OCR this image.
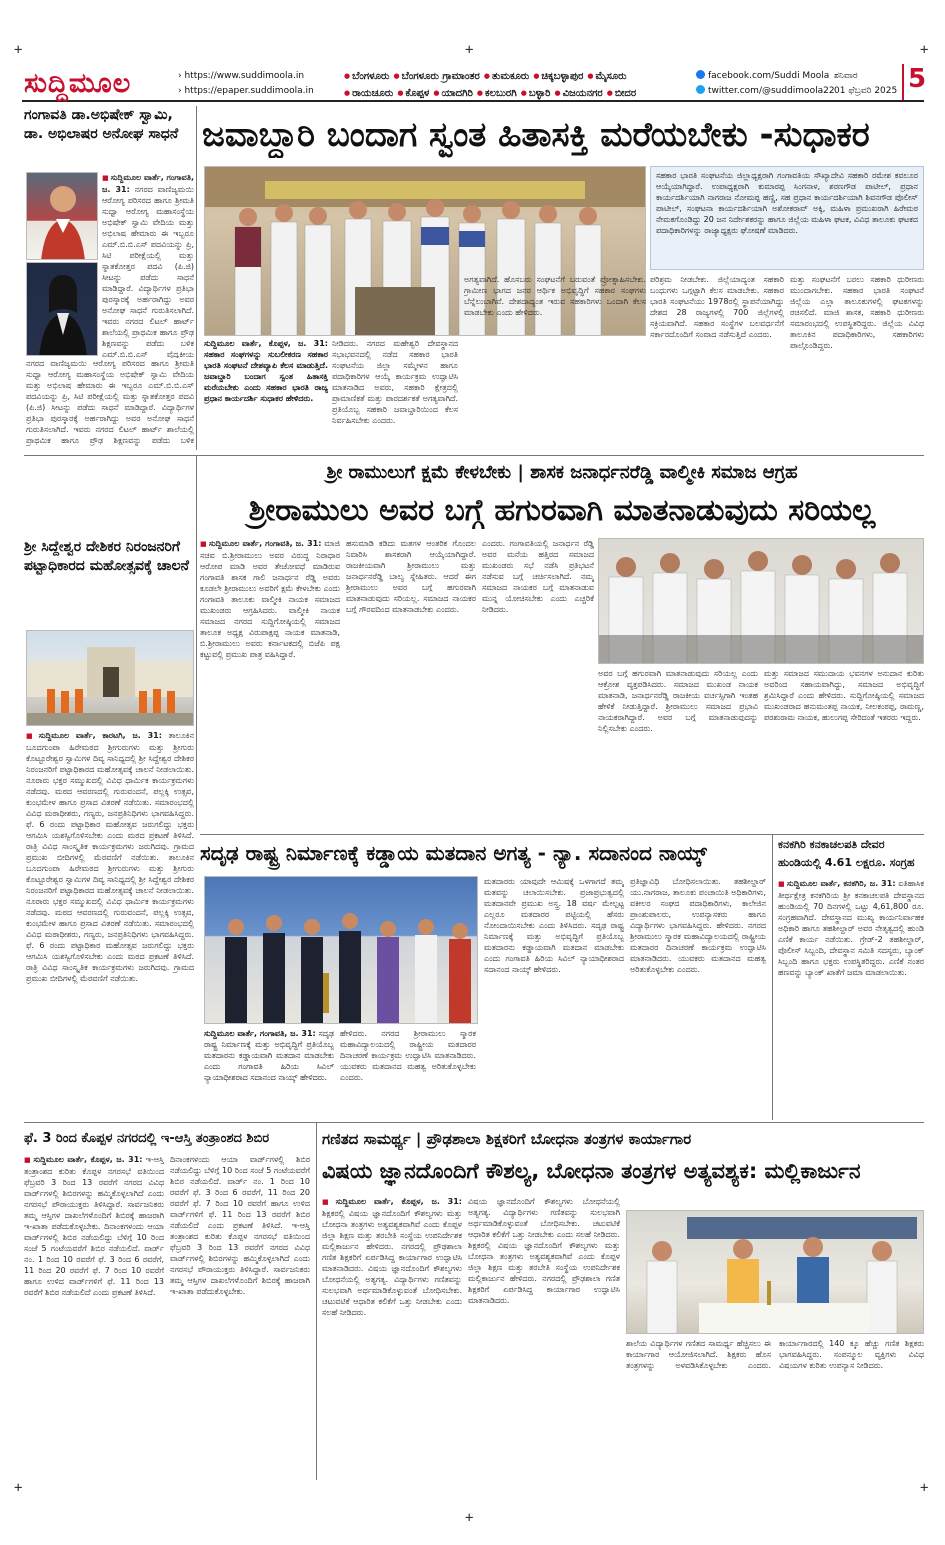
+	+	+
+
+
+
ಸುದ್ದಿಮೂಲ	› https://www.suddimoola.in
› https://epaper.suddimoola.in
● ಬೆಂಗಳೂರು ● ಬೆಂಗಳೂರು ಗ್ರಾಮಾಂತರ ● ತುಮಕೂರು ● ಚಿಕ್ಕಬಳ್ಳಾಪುರ ● ಮೈಸೂರು
● ರಾಯಚೂರು ● ಕೊಪ್ಪಳ ● ಯಾದಗಿರಿ ● ಕಲಬುರಗಿ ● ಬಳ್ಳಾರಿ ● ವಿಜಯನಗರ ● ಬೀದರ
facebook.com/Suddi Moola
twitter.com/@suddimoola22
ಶನಿವಾರ
01 ಫೆಬ್ರವರಿ 2025 5
ಗಂಗಾವತಿ ಡಾ.ಅಭಿಷೇಕ್ ಸ್ವಾಮಿ, ಡಾ. ಅಭಿಲಾಷರ ಅನೋಘ ಸಾಧನೆ
■ ಸುದ್ದಿಮೂಲ ವಾರ್ತೆ, ಗಂಗಾವತಿ, ಜ. 31: ನಗರದ ವಾಣಿಜ್ಯಮಯಿ ಆರೋಗ್ಯ ಪರಿಸರದ ಹಾಗೂ ಶ್ರೀಮತಿ ಸುಧ್ವಾ ಆರೋಗ್ಯ ಮಹಾಸಂಸ್ಥೆಯ ಅಭಿಷೇಕ್ ಸ್ವಾಮಿ ವೇದಿಯ ಮತ್ತು ಅಭಿಲಾಷ ಹೇಮಾರು ಈ ಇಬ್ಬರೂ ಎಮ್.ಬಿ.ಬಿ.ಎಸ್ ಪದವಿಯನ್ನು ಪ್ರಿ, ಸಿಟಿ ಪರೀಕ್ಷೆಯಲ್ಲಿ ಮತ್ತು ಸ್ನಾತಕೋತ್ತರ ಪದವಿ (ಪಿ.ಜಿ) ಸೀಟನ್ನು ಪಡೆದು ಸಾಧನೆ ಮಾಡಿದ್ದಾರೆ. ವಿದ್ಯಾರ್ಥಿಗಳ ಪ್ರತಿಭಾ ಪುರಸ್ಕಾರಕ್ಕೆ ಅರ್ಹರಾಗಿದ್ದು ಅವರ ಅನೋಘ ಸಾಧನೆ ಗುರುತಿಸಲಾಗಿದೆ. ಇವರು ನಗರದ ಲಿಟಲ್ ಹಾರ್ಟ್ ಶಾಲೆಯಲ್ಲಿ ಪ್ರಾಥಮಿಕ ಹಾಗೂ ಪ್ರೌಢ ಶಿಕ್ಷಣವನ್ನು ಪಡೆದು ಬಳಿಕ ಎಮ್.ಬಿ.ಬಿ.ಎಸ್ ವೈದ್ಯಕೀಯ
ನಗರದ ವಾಣಿಜ್ಯಮಯಿ ಆರೋಗ್ಯ ಪರಿಸರದ ಹಾಗೂ ಶ್ರೀಮತಿ ಸುಧ್ವಾ ಆರೋಗ್ಯ ಮಹಾಸಂಸ್ಥೆಯ ಅಭಿಷೇಕ್ ಸ್ವಾಮಿ ವೇದಿಯ ಮತ್ತು ಅಭಿಲಾಷ ಹೇಮಾರು ಈ ಇಬ್ಬರೂ ಎಮ್.ಬಿ.ಬಿ.ಎಸ್ ಪದವಿಯನ್ನು ಪ್ರಿ, ಸಿಟಿ ಪರೀಕ್ಷೆಯಲ್ಲಿ ಮತ್ತು ಸ್ನಾತಕೋತ್ತರ ಪದವಿ (ಪಿ.ಜಿ) ಸೀಟನ್ನು ಪಡೆದು ಸಾಧನೆ ಮಾಡಿದ್ದಾರೆ. ವಿದ್ಯಾರ್ಥಿಗಳ ಪ್ರತಿಭಾ ಪುರಸ್ಕಾರಕ್ಕೆ ಅರ್ಹರಾಗಿದ್ದು ಅವರ ಅನೋಘ ಸಾಧನೆ ಗುರುತಿಸಲಾಗಿದೆ. ಇವರು ನಗರದ ಲಿಟಲ್ ಹಾರ್ಟ್ ಶಾಲೆಯಲ್ಲಿ ಪ್ರಾಥಮಿಕ ಹಾಗೂ ಪ್ರೌಢ ಶಿಕ್ಷಣವನ್ನು ಪಡೆದು ಬಳಿಕ
ಜವಾಬ್ದಾರಿ ಬಂದಾಗ ಸ್ವಂತ ಹಿತಾಸಕ್ತಿ ಮರೆಯಬೇಕು -ಸುಧಾಕರ
ಸಹಕಾರ ಭಾರತಿ ಸಂಘಟನೆಯ ಜಿಲ್ಲಾಧ್ಯಕ್ಷರಾಗಿ ಗಂಗಾವತಿಯ ಸೌಖ್ಯಾದೇವಿ ಸಹಕಾರಿ ರಮೇಶ ಕವಲೂರ ಆಯ್ಕೆಯಾಗಿದ್ದಾರೆ. ಉಪಾಧ್ಯಕ್ಷರಾಗಿ ಕುಮಾರಪ್ಪ ಸಿಂಗನಾಳ, ಶರಣಗೌಡ ಪಾಟೀಲ್, ಪ್ರಧಾನ ಕಾರ್ಯದರ್ಶಿಯಾಗಿ ನಾಗರಾಜ ನೋಮಪ್ಪ ಹಣ್ಣಿ, ಸಹ ಪ್ರಧಾನ ಕಾರ್ಯದರ್ಶಿಯಾಗಿ ಶಿವನಗೌಡ ಪೊಲೀಸ್ ಪಾಟೀಲ್, ಸಂಘಟನಾ ಕಾರ್ಯದರ್ಶಿಯಾಗಿ ಅಶೋಕರಾವ್ ಅಕ್ಕಿ, ಮಹಿಳಾ ಪ್ರಮುಖರಾಗಿ ಹಿರೇಮಠ ನೇಮಕಗೊಂಡಿದ್ದು 20 ಜನ ನಿರ್ದೇಶಕರನ್ನು ಹಾಗೂ ಜಿಲ್ಲೆಯ ಮಹಿಳಾ ಘಟಕ, ವಿವಿಧ ತಾಲೂಕು ಘಟಕದ ಪದಾಧಿಕಾರಿಗಳನ್ನು ರಾಜ್ಯಾಧ್ಯಕ್ಷರು ಘೋಷಣೆ ಮಾಡಿದರು.
ಸುದ್ದಿಮೂಲ ವಾರ್ತೆ, ಕೊಪ್ಪಳ, ಜ. 31: ಸಹಕಾರ ಸಂಘಗಳನ್ನು ಸುಬಲೀಕರಣ ಸಹಕಾರ ಭಾರತಿ ಸಂಘಟನೆ ದೇಶವ್ಯಾಪಿ ಕೆಲಸ ಮಾಡುತ್ತಿದೆ. ಜವಾಬ್ದಾರಿ ಬಂದಾಗ ಸ್ವಂತ ಹಿತಾಸಕ್ತಿ ಮರೆಯಬೇಕು ಎಂದು ಸಹಕಾರ ಭಾರತಿ ರಾಜ್ಯ ಪ್ರಧಾನ ಕಾರ್ಯದರ್ಶಿ ಸುಧಾಕರ ಹೇಳಿದರು.
ನೀಡಿದರು. ನಗರದ ಮಹೇಶ್ವರಿ ದೇವಸ್ಥಾನದ ಸಭಾಭವನದಲ್ಲಿ ನಡೆದ ಸಹಕಾರ ಭಾರತಿ ಸಂಘಟನೆಯ ಜಿಲ್ಲಾ ಸಮ್ಮೇಳನ ಹಾಗೂ ಪದಾಧಿಕಾರಿಗಳ ಆಯ್ಕೆ ಕಾರ್ಯಕ್ರಮ ಉದ್ಘಾಟಿಸಿ ಮಾತನಾಡಿದ ಅವರು, ಸಹಕಾರಿ ಕ್ಷೇತ್ರದಲ್ಲಿ ಪ್ರಾಮಾಣಿಕತೆ ಮತ್ತು ಪಾರದರ್ಶಕತೆ ಅಗತ್ಯವಾಗಿದೆ. ಪ್ರತಿಯೊಬ್ಬ ಸಹಕಾರಿ ಜವಾಬ್ದಾರಿಯಿಂದ ಕೆಲಸ ನಿರ್ವಹಿಸಬೇಕು ಎಂದರು.
ಅಗತ್ಯವಾಗಿದೆ. ಹೊಸಬರು ಸಂಘಟನೆಗೆ ಬರುವಂತೆ ಪ್ರೋತ್ಸಾಹಿಸಬೇಕು. ಗ್ರಾಮೀಣ ಭಾಗದ ಜನರ ಆರ್ಥಿಕ ಅಭಿವೃದ್ಧಿಗೆ ಸಹಕಾರ ಸಂಘಗಳು ಬೆನ್ನೆಲುಬಾಗಿವೆ. ದೇಶದಾದ್ಯಂತ ಇರುವ ಸಹಕಾರಿಗಳು ಒಂದಾಗಿ ಕೆಲಸ ಮಾಡಬೇಕು ಎಂದು ಹೇಳಿದರು.
ಪರಿಶ್ರಮ ನೀಡಬೇಕು. ಜಿಲ್ಲೆಯಾದ್ಯಂತ ಸಹಕಾರಿ ಬಂಧುಗಳು ಒಗ್ಗಟ್ಟಾಗಿ ಕೆಲಸ ಮಾಡಬೇಕು. ಸಹಕಾರ ಭಾರತಿ ಸಂಘಟನೆಯು 1978ರಲ್ಲಿ ಸ್ಥಾಪನೆಯಾಗಿದ್ದು ದೇಶದ 28 ರಾಜ್ಯಗಳಲ್ಲಿ 700 ಜಿಲ್ಲೆಗಳಲ್ಲಿ ಸಕ್ರಿಯವಾಗಿದೆ. ಸಹಕಾರ ಸಂಸ್ಥೆಗಳ ಬಲವರ್ಧನೆಗೆ ಸರ್ಕಾರದೊಂದಿಗೆ ಸಂವಾದ ನಡೆಸುತ್ತಿದೆ ಎಂದರು.
ಮತ್ತು ಸಂಘಟನೆಗೆ ಬರಲು ಸಹಕಾರಿ ಧುರೀಣರು ಮುಂದಾಗಬೇಕು. ಸಹಕಾರ ಭಾರತಿ ಸಂಘಟನೆ ಜಿಲ್ಲೆಯ ಎಲ್ಲಾ ತಾಲೂಕುಗಳಲ್ಲಿ ಘಟಕಗಳನ್ನು ರಚಿಸಲಿದೆ. ಮಾಜಿ ಶಾಸಕ, ಸಹಕಾರಿ ಧುರೀಣರು ಸಮಾರಂಭದಲ್ಲಿ ಉಪಸ್ಥಿತರಿದ್ದರು. ಜಿಲ್ಲೆಯ ವಿವಿಧ ತಾಲೂಕಿನ ಪದಾಧಿಕಾರಿಗಳು, ಸಹಕಾರಿಗಳು ಪಾಲ್ಗೊಂಡಿದ್ದರು.
ಶ್ರೀ ರಾಮುಲುಗೆ ಕ್ಷಮೆ ಕೇಳಬೇಕು | ಶಾಸಕ ಜನಾರ್ಧನರೆಡ್ಡಿ ವಾಲ್ಮೀಕಿ ಸಮಾಜ ಆಗ್ರಹ
ಶ್ರೀರಾಮುಲು ಅವರ ಬಗ್ಗೆ ಹಗುರವಾಗಿ ಮಾತನಾಡುವುದು ಸರಿಯಲ್ಲ
■ ಸುದ್ದಿಮೂಲ ವಾರ್ತೆ, ಗಂಗಾವತಿ, ಜ. 31: ಮಾಜಿ ಸಚಿವ ಬಿ.ಶ್ರೀರಾಮುಲು ಅವರ ವಿರುದ್ಧ ನಿರಾಧಾರ ಆರೋಪ ಮಾಡಿ ಅವರ ತೇಜೋವಧೆ ಮಾಡಿರುವ ಗಂಗಾವತಿ ಶಾಸಕ ಗಾಲಿ ಜನಾರ್ಧನ ರೆಡ್ಡಿ ಅವರು ಕೂಡಲೇ ಶ್ರೀರಾಮುಲು ಅವರಿಗೆ ಕ್ಷಮೆ ಕೇಳಬೇಕು ಎಂದು ಗಂಗಾವತಿ ತಾಲೂಕು ವಾಲ್ಮೀಕಿ ನಾಯಕ ಸಮಾಜದ ಮುಖಂಡರು ಆಗ್ರಹಿಸಿದರು. ವಾಲ್ಮೀಕಿ ನಾಯಕ ಸಮಾಜದ ನಗರದ ಸುದ್ದಿಗೋಷ್ಠಿಯಲ್ಲಿ ಸಮಾಜದ ತಾಲೂಕ ಅಧ್ಯಕ್ಷ ವಿರುಪಾಕ್ಷಪ್ಪ ನಾಯಕ ಮಾತನಾಡಿ, ಬಿ.ಶ್ರೀರಾಮುಲು ಅವರು ಕರ್ನಾಟಕದಲ್ಲಿ ಬಿಜೆಪಿ ಪಕ್ಷ ಕಟ್ಟುವಲ್ಲಿ ಪ್ರಮುಖ ಪಾತ್ರ ವಹಿಸಿದ್ದಾರೆ.
ಹಸುಮಾಡಿ ಕಡಿದು ಮತಗಳ ಆಂತರಿಕ ಗೊಂದಲ ನಿವಾರಿಸಿ ಶಾಸಕರಾಗಿ ಆಯ್ಕೆಯಾಗಿದ್ದಾರೆ. ರಾಜಕೀಯವಾಗಿ ಶ್ರೀರಾಮುಲು ಮತ್ತು ಜನಾರ್ಧನರೆಡ್ಡಿ ಬಾಲ್ಯ ಸ್ನೇಹಿತರು. ಆದರೆ ಈಗ ಶ್ರೀರಾಮುಲು ಅವರ ಬಗ್ಗೆ ಹಗುರವಾಗಿ ಮಾತನಾಡುವುದು ಸರಿಯಲ್ಲ. ಸಮಾಜದ ನಾಯಕರ ಬಗ್ಗೆ ಗೌರವದಿಂದ ಮಾತನಾಡಬೇಕು ಎಂದರು.
ಎಂದರು. ಗಂಗಾವತಿಯಲ್ಲಿ ಜನಾರ್ಧನ ರೆಡ್ಡಿ ಅವರ ಮನೆಯ ಹತ್ತಿರದ ಸಮಾಜದ ಮುಖಂಡರು ಸಭೆ ನಡೆಸಿ ಪ್ರತಿಭಟನೆ ನಡೆಸುವ ಬಗ್ಗೆ ಚರ್ಚಿಸಲಾಗಿದೆ. ನಮ್ಮ ಸಮಾಜದ ನಾಯಕರ ಬಗ್ಗೆ ಮಾತನಾಡುವ ಮುನ್ನ ಯೋಚಿಸಬೇಕು ಎಂದು ಎಚ್ಚರಿಕೆ ನೀಡಿದರು.
ಅವರ ಬಗ್ಗೆ ಹಗುರವಾಗಿ ಮಾತನಾಡುವುದು ಸರಿಯಲ್ಲ ಎಂದು ಆಕ್ರೋಶ ವ್ಯಕ್ತಪಡಿಸಿದರು. ಸಮಾಜದ ಮುಖಂಡ ನಾಯಕ ಮಾತನಾಡಿ, ಜನಾರ್ಧನರೆಡ್ಡಿ ರಾಜಕೀಯ ವರ್ಚಸ್ಸಿಗಾಗಿ ಇಂತಹ ಹೇಳಿಕೆ ನೀಡುತ್ತಿದ್ದಾರೆ. ಶ್ರೀರಾಮುಲು ಸಮಾಜದ ಪ್ರಭಾವಿ ನಾಯಕರಾಗಿದ್ದಾರೆ. ಅವರ ಬಗ್ಗೆ ಮಾತನಾಡುವುದನ್ನು ನಿಲ್ಲಿಸಬೇಕು ಎಂದರು.
ಮತ್ತು ಸಮಾಜದ ಸಮುದಾಯ ಭವನಗಳ ಅನುದಾನ ಕುರಿತು ಅವರಿಂದ ಸಹಾಯವಾಗಿದ್ದು, ಸಮಾಜದ ಅಭಿವೃದ್ಧಿಗೆ ಶ್ರಮಿಸಿದ್ದಾರೆ ಎಂದು ಹೇಳಿದರು. ಸುದ್ದಿಗೋಷ್ಠಿಯಲ್ಲಿ ಸಮಾಜದ ಮುಖಂಡರಾದ ಹನುಮಂತಪ್ಪ ನಾಯಕ, ನೀಲಕಂಠಪ್ಪ, ರಾಮಣ್ಣ, ಪರಶುರಾಮ ನಾಯಕ, ಹುಲುಗಪ್ಪ ಸೇರಿದಂತೆ ಇತರರು ಇದ್ದರು.
ಶ್ರೀ ಸಿದ್ದೇಶ್ವರ ದೇಶಿಕರ ನಿರಂಜನರಿಗೆ ಪಟ್ಟಾಧಿಕಾರದ ಮಹೋತ್ಸವಕ್ಕೆ ಚಾಲನೆ
■ ಸುದ್ದಿಮೂಲ ವಾರ್ತೆ, ಕಾರಟಗಿ, ಜ. 31: ತಾಲೂಕಿನ ಬೂದಗುಂಪಾ ಹಿರೇಮಠದ ಶ್ರೀಗುರುಗಳು ಮತ್ತು ಶ್ರೀಗುರು ಕೊಟ್ಟೂರೇಶ್ವರ ಸ್ವಾಮಿಗಳ ದಿವ್ಯ ಸಾನಿಧ್ಯದಲ್ಲಿ ಶ್ರೀ ಸಿದ್ದೇಶ್ವರ ದೇಶಿಕರ ನಿರಂಜನರಿಗೆ ಪಟ್ಟಾಧಿಕಾರದ ಮಹೋತ್ಸವಕ್ಕೆ ಚಾಲನೆ ನೀಡಲಾಯಿತು. ನೂರಾರು ಭಕ್ತರ ಸಮ್ಮುಖದಲ್ಲಿ ವಿವಿಧ ಧಾರ್ಮಿಕ ಕಾರ್ಯಕ್ರಮಗಳು ನಡೆದವು. ಮಠದ ಆವರಣದಲ್ಲಿ ಗುರುವಂದನೆ, ಪಲ್ಲಕ್ಕಿ ಉತ್ಸವ, ಕುಂಭಮೇಳ ಹಾಗೂ ಪ್ರಸಾದ ವಿತರಣೆ ನಡೆಯಿತು. ಸಮಾರಂಭದಲ್ಲಿ ವಿವಿಧ ಮಠಾಧೀಶರು, ಗಣ್ಯರು, ಜನಪ್ರತಿನಿಧಿಗಳು ಭಾಗವಹಿಸಿದ್ದರು. ಫೆ. 6 ರಂದು ಪಟ್ಟಾಧಿಕಾರ ಮಹೋತ್ಸವ ಜರುಗಲಿದ್ದು ಭಕ್ತರು ಆಗಮಿಸಿ ಯಶಸ್ವಿಗೊಳಿಸಬೇಕು ಎಂದು ಮಠದ ಪ್ರಕಟಣೆ ತಿಳಿಸಿದೆ. ರಾತ್ರಿ ವಿವಿಧ ಸಾಂಸ್ಕೃತಿಕ ಕಾರ್ಯಕ್ರಮಗಳು ಜರುಗಿದವು. ಗ್ರಾಮದ ಪ್ರಮುಖ ಬೀದಿಗಳಲ್ಲಿ ಮೆರವಣಿಗೆ ನಡೆಯಿತು. ತಾಲೂಕಿನ ಬೂದಗುಂಪಾ ಹಿರೇಮಠದ ಶ್ರೀಗುರುಗಳು ಮತ್ತು ಶ್ರೀಗುರು ಕೊಟ್ಟೂರೇಶ್ವರ ಸ್ವಾಮಿಗಳ ದಿವ್ಯ ಸಾನಿಧ್ಯದಲ್ಲಿ ಶ್ರೀ ಸಿದ್ದೇಶ್ವರ ದೇಶಿಕರ ನಿರಂಜನರಿಗೆ ಪಟ್ಟಾಧಿಕಾರದ ಮಹೋತ್ಸವಕ್ಕೆ ಚಾಲನೆ ನೀಡಲಾಯಿತು. ನೂರಾರು ಭಕ್ತರ ಸಮ್ಮುಖದಲ್ಲಿ ವಿವಿಧ ಧಾರ್ಮಿಕ ಕಾರ್ಯಕ್ರಮಗಳು ನಡೆದವು. ಮಠದ ಆವರಣದಲ್ಲಿ ಗುರುವಂದನೆ, ಪಲ್ಲಕ್ಕಿ ಉತ್ಸವ, ಕುಂಭಮೇಳ ಹಾಗೂ ಪ್ರಸಾದ ವಿತರಣೆ ನಡೆಯಿತು. ಸಮಾರಂಭದಲ್ಲಿ ವಿವಿಧ ಮಠಾಧೀಶರು, ಗಣ್ಯರು, ಜನಪ್ರತಿನಿಧಿಗಳು ಭಾಗವಹಿಸಿದ್ದರು. ಫೆ. 6 ರಂದು ಪಟ್ಟಾಧಿಕಾರ ಮಹೋತ್ಸವ ಜರುಗಲಿದ್ದು ಭಕ್ತರು ಆಗಮಿಸಿ ಯಶಸ್ವಿಗೊಳಿಸಬೇಕು ಎಂದು ಮಠದ ಪ್ರಕಟಣೆ ತಿಳಿಸಿದೆ. ರಾತ್ರಿ ವಿವಿಧ ಸಾಂಸ್ಕೃತಿಕ ಕಾರ್ಯಕ್ರಮಗಳು ಜರುಗಿದವು. ಗ್ರಾಮದ ಪ್ರಮುಖ ಬೀದಿಗಳಲ್ಲಿ ಮೆರವಣಿಗೆ ನಡೆಯಿತು.
ಸದೃಢ ರಾಷ್ಟ್ರ ನಿರ್ಮಾಣಕ್ಕೆ ಕಡ್ಡಾಯ ಮತದಾನ ಅಗತ್ಯ - ನ್ಯಾ. ಸದಾನಂದ ನಾಯ್ಕ್
ಸುದ್ದಿಮೂಲ ವಾರ್ತೆ, ಗಂಗಾವತಿ, ಜ. 31: ಸದೃಢ ರಾಷ್ಟ್ರ ನಿರ್ಮಾಣಕ್ಕೆ ಮತ್ತು ಅಭಿವೃದ್ಧಿಗೆ ಪ್ರತಿಯೊಬ್ಬ ಮತದಾರನು ಕಡ್ಡಾಯವಾಗಿ ಮತದಾನ ಮಾಡಬೇಕು ಎಂದು ಗಂಗಾವತಿ ಹಿರಿಯ ಸಿವಿಲ್ ನ್ಯಾಯಾಧೀಶರಾದ ಸದಾನಂದ ನಾಯ್ಕ್ ಹೇಳಿದರು.
ಹೇಳಿದರು. ನಗರದ ಶ್ರೀರಾಮುಲು ಸ್ಮಾರಕ ಮಹಾವಿದ್ಯಾಲಯದಲ್ಲಿ ರಾಷ್ಟ್ರೀಯ ಮತದಾರರ ದಿನಾಚರಣೆ ಕಾರ್ಯಕ್ರಮ ಉದ್ಘಾಟಿಸಿ ಮಾತನಾಡಿದರು. ಯುವಕರು ಮತದಾನದ ಮಹತ್ವ ಅರಿತುಕೊಳ್ಳಬೇಕು ಎಂದರು.
ಮತದಾರರು ಯಾವುದೇ ಆಮಿಷಕ್ಕೆ ಒಳಗಾಗದೆ ತಮ್ಮ ಮತವನ್ನು ಚಲಾಯಿಸಬೇಕು. ಪ್ರಜಾಪ್ರಭುತ್ವದಲ್ಲಿ ಮತದಾನವೇ ಪ್ರಮುಖ ಅಸ್ತ್ರ. 18 ವರ್ಷ ಮೇಲ್ಪಟ್ಟ ಎಲ್ಲರೂ ಮತದಾರರ ಪಟ್ಟಿಯಲ್ಲಿ ಹೆಸರು ನೋಂದಾಯಿಸಬೇಕು ಎಂದು ತಿಳಿಸಿದರು. ಸದೃಢ ರಾಷ್ಟ್ರ ನಿರ್ಮಾಣಕ್ಕೆ ಮತ್ತು ಅಭಿವೃದ್ಧಿಗೆ ಪ್ರತಿಯೊಬ್ಬ ಮತದಾರನು ಕಡ್ಡಾಯವಾಗಿ ಮತದಾನ ಮಾಡಬೇಕು ಎಂದು ಗಂಗಾವತಿ ಹಿರಿಯ ಸಿವಿಲ್ ನ್ಯಾಯಾಧೀಶರಾದ ಸದಾನಂದ ನಾಯ್ಕ್ ಹೇಳಿದರು.
ಪ್ರತಿಜ್ಞಾವಿಧಿ ಬೋಧಿಸಲಾಯಿತು. ತಹಶೀಲ್ದಾರ್ ಯು.ನಾಗರಾಜ, ತಾಲೂಕು ಪಂಚಾಯಿತಿ ಅಧಿಕಾರಿಗಳು, ವಕೀಲರ ಸಂಘದ ಪದಾಧಿಕಾರಿಗಳು, ಕಾಲೇಜಿನ ಪ್ರಾಂಶುಪಾಲರು, ಉಪನ್ಯಾಸಕರು ಹಾಗೂ ವಿದ್ಯಾರ್ಥಿಗಳು ಭಾಗವಹಿಸಿದ್ದರು. ಹೇಳಿದರು. ನಗರದ ಶ್ರೀರಾಮುಲು ಸ್ಮಾರಕ ಮಹಾವಿದ್ಯಾಲಯದಲ್ಲಿ ರಾಷ್ಟ್ರೀಯ ಮತದಾರರ ದಿನಾಚರಣೆ ಕಾರ್ಯಕ್ರಮ ಉದ್ಘಾಟಿಸಿ ಮಾತನಾಡಿದರು. ಯುವಕರು ಮತದಾನದ ಮಹತ್ವ ಅರಿತುಕೊಳ್ಳಬೇಕು ಎಂದರು.
ಕನಕಗಿರಿ ಕನಕಾಚಲಪತಿ ದೇವರ ಹುಂಡಿಯಲ್ಲಿ 4.61 ಲಕ್ಷರೂ. ಸಂಗ್ರಹ
■ ಸುದ್ದಿಮೂಲ ವಾರ್ತೆ, ಕನಕಗಿರಿ, ಜ. 31: ಐತಿಹಾಸಿಕ ತೀರ್ಥಕ್ಷೇತ್ರ ಕನಕಗಿರಿಯ ಶ್ರೀ ಕನಕಾಚಲಪತಿ ದೇವಸ್ಥಾನದ ಹುಂಡಿಯಲ್ಲಿ 70 ದಿನಗಳಲ್ಲಿ ಒಟ್ಟು 4,61,800 ರೂ. ಸಂಗ್ರಹವಾಗಿದೆ. ದೇವಸ್ಥಾನದ ಮುಖ್ಯ ಕಾರ್ಯನಿರ್ವಾಹಕ ಅಧಿಕಾರಿ ಹಾಗೂ ತಹಶೀಲ್ದಾರ್ ಅವರ ನೇತೃತ್ವದಲ್ಲಿ ಹುಂಡಿ ಎಣಿಕೆ ಕಾರ್ಯ ನಡೆಯಿತು. ಗ್ರೇಡ್-2 ತಹಶೀಲ್ದಾರ್, ಪೊಲೀಸ್ ಸಿಬ್ಬಂದಿ, ದೇವಸ್ಥಾನ ಸಮಿತಿ ಸದಸ್ಯರು, ಬ್ಯಾಂಕ್ ಸಿಬ್ಬಂದಿ ಹಾಗೂ ಭಕ್ತರು ಉಪಸ್ಥಿತರಿದ್ದರು. ಎಣಿಕೆ ನಂತರ ಹಣವನ್ನು ಬ್ಯಾಂಕ್ ಖಾತೆಗೆ ಜಮಾ ಮಾಡಲಾಯಿತು.
ಫೆ. 3 ರಿಂದ ಕೊಪ್ಪಳ ನಗರದಲ್ಲಿ ಇ-ಆಸ್ತಿ ತಂತ್ರಾಂಶದ ಶಿಬಿರ
■ ಸುದ್ದಿಮೂಲ ವಾರ್ತೆ, ಕೊಪ್ಪಳ, ಜ. 31: ಇ-ಆಸ್ತಿ ತಂತ್ರಾಂಶದ ಕುರಿತು ಕೊಪ್ಪಳ ನಗರಸಭೆ ವತಿಯಿಂದ ಫೆಬ್ರವರಿ 3 ರಿಂದ 13 ರವರೆಗೆ ನಗರದ ವಿವಿಧ ವಾರ್ಡ್‌ಗಳಲ್ಲಿ ಶಿಬಿರಗಳನ್ನು ಹಮ್ಮಿಕೊಳ್ಳಲಾಗಿದೆ ಎಂದು ನಗರಸಭೆ ಪೌರಾಯುಕ್ತರು ತಿಳಿಸಿದ್ದಾರೆ. ಸಾರ್ವಜನಿಕರು ತಮ್ಮ ಆಸ್ತಿಗಳ ದಾಖಲೆಗಳೊಂದಿಗೆ ಶಿಬಿರಕ್ಕೆ ಹಾಜರಾಗಿ ಇ-ಖಾತಾ ಪಡೆದುಕೊಳ್ಳಬೇಕು. ದಿನಾಂಕಗಳಂದು ಆಯಾ ವಾರ್ಡ್‌ಗಳಲ್ಲಿ ಶಿಬಿರ ನಡೆಯಲಿದ್ದು ಬೆಳಿಗ್ಗೆ 10 ರಿಂದ ಸಂಜೆ 5 ಗಂಟೆಯವರೆಗೆ ಶಿಬಿರ ನಡೆಯಲಿದೆ. ವಾರ್ಡ್ ನಂ. 1 ರಿಂದ 10 ರವರೆಗೆ ಫೆ. 3 ರಿಂದ 6 ರವರೆಗೆ, 11 ರಿಂದ 20 ರವರೆಗೆ ಫೆ. 7 ರಿಂದ 10 ರವರೆಗೆ ಹಾಗೂ ಉಳಿದ ವಾರ್ಡ್‌ಗಳಿಗೆ ಫೆ. 11 ರಿಂದ 13 ರವರೆಗೆ ಶಿಬಿರ ನಡೆಯಲಿದೆ ಎಂದು ಪ್ರಕಟಣೆ ತಿಳಿಸಿದೆ.
ದಿನಾಂಕಗಳಂದು ಆಯಾ ವಾರ್ಡ್‌ಗಳಲ್ಲಿ ಶಿಬಿರ ನಡೆಯಲಿದ್ದು ಬೆಳಿಗ್ಗೆ 10 ರಿಂದ ಸಂಜೆ 5 ಗಂಟೆಯವರೆಗೆ ಶಿಬಿರ ನಡೆಯಲಿದೆ. ವಾರ್ಡ್ ನಂ. 1 ರಿಂದ 10 ರವರೆಗೆ ಫೆ. 3 ರಿಂದ 6 ರವರೆಗೆ, 11 ರಿಂದ 20 ರವರೆಗೆ ಫೆ. 7 ರಿಂದ 10 ರವರೆಗೆ ಹಾಗೂ ಉಳಿದ ವಾರ್ಡ್‌ಗಳಿಗೆ ಫೆ. 11 ರಿಂದ 13 ರವರೆಗೆ ಶಿಬಿರ ನಡೆಯಲಿದೆ ಎಂದು ಪ್ರಕಟಣೆ ತಿಳಿಸಿದೆ. ಇ-ಆಸ್ತಿ ತಂತ್ರಾಂಶದ ಕುರಿತು ಕೊಪ್ಪಳ ನಗರಸಭೆ ವತಿಯಿಂದ ಫೆಬ್ರವರಿ 3 ರಿಂದ 13 ರವರೆಗೆ ನಗರದ ವಿವಿಧ ವಾರ್ಡ್‌ಗಳಲ್ಲಿ ಶಿಬಿರಗಳನ್ನು ಹಮ್ಮಿಕೊಳ್ಳಲಾಗಿದೆ ಎಂದು ನಗರಸಭೆ ಪೌರಾಯುಕ್ತರು ತಿಳಿಸಿದ್ದಾರೆ. ಸಾರ್ವಜನಿಕರು ತಮ್ಮ ಆಸ್ತಿಗಳ ದಾಖಲೆಗಳೊಂದಿಗೆ ಶಿಬಿರಕ್ಕೆ ಹಾಜರಾಗಿ ಇ-ಖಾತಾ ಪಡೆದುಕೊಳ್ಳಬೇಕು.
ಗಣಿತದ ಸಾಮರ್ಥ್ಯ | ಪ್ರೌಢಶಾಲಾ ಶಿಕ್ಷಕರಿಗೆ ಬೋಧನಾ ತಂತ್ರಗಳ ಕಾರ್ಯಾಗಾರ
ವಿಷಯ ಜ್ಞಾನದೊಂದಿಗೆ ಕೌಶಲ್ಯ, ಬೋಧನಾ ತಂತ್ರಗಳ ಅತ್ಯವಶ್ಯಕ: ಮಲ್ಲಿಕಾರ್ಜುನ
■ ಸುದ್ದಿಮೂಲ ವಾರ್ತೆ, ಕೊಪ್ಪಳ, ಜ. 31: ಶಿಕ್ಷಕರಲ್ಲಿ ವಿಷಯ ಜ್ಞಾನದೊಂದಿಗೆ ಕೌಶಲ್ಯಗಳು ಮತ್ತು ಬೋಧನಾ ತಂತ್ರಗಳು ಅತ್ಯವಶ್ಯಕವಾಗಿವೆ ಎಂದು ಕೊಪ್ಪಳ ಜಿಲ್ಲಾ ಶಿಕ್ಷಣ ಮತ್ತು ತರಬೇತಿ ಸಂಸ್ಥೆಯ ಉಪನಿರ್ದೇಶಕ ಮಲ್ಲಿಕಾರ್ಜುನ ಹೇಳಿದರು. ನಗರದಲ್ಲಿ ಪ್ರೌಢಶಾಲಾ ಗಣಿತ ಶಿಕ್ಷಕರಿಗೆ ಏರ್ಪಡಿಸಿದ್ದ ಕಾರ್ಯಾಗಾರ ಉದ್ಘಾಟಿಸಿ ಮಾತನಾಡಿದರು. ವಿಷಯ ಜ್ಞಾನದೊಂದಿಗೆ ಕೌಶಲ್ಯಗಳು ಬೋಧನೆಯಲ್ಲಿ ಅತ್ಯಗತ್ಯ. ವಿದ್ಯಾರ್ಥಿಗಳು ಗಣಿತವನ್ನು ಸುಲಭವಾಗಿ ಅರ್ಥಮಾಡಿಕೊಳ್ಳುವಂತೆ ಬೋಧಿಸಬೇಕು. ಚಟುವಟಿಕೆ ಆಧಾರಿತ ಕಲಿಕೆಗೆ ಒತ್ತು ನೀಡಬೇಕು ಎಂದು ಸಲಹೆ ನೀಡಿದರು.
ವಿಷಯ ಜ್ಞಾನದೊಂದಿಗೆ ಕೌಶಲ್ಯಗಳು ಬೋಧನೆಯಲ್ಲಿ ಅತ್ಯಗತ್ಯ. ವಿದ್ಯಾರ್ಥಿಗಳು ಗಣಿತವನ್ನು ಸುಲಭವಾಗಿ ಅರ್ಥಮಾಡಿಕೊಳ್ಳುವಂತೆ ಬೋಧಿಸಬೇಕು. ಚಟುವಟಿಕೆ ಆಧಾರಿತ ಕಲಿಕೆಗೆ ಒತ್ತು ನೀಡಬೇಕು ಎಂದು ಸಲಹೆ ನೀಡಿದರು. ಶಿಕ್ಷಕರಲ್ಲಿ ವಿಷಯ ಜ್ಞಾನದೊಂದಿಗೆ ಕೌಶಲ್ಯಗಳು ಮತ್ತು ಬೋಧನಾ ತಂತ್ರಗಳು ಅತ್ಯವಶ್ಯಕವಾಗಿವೆ ಎಂದು ಕೊಪ್ಪಳ ಜಿಲ್ಲಾ ಶಿಕ್ಷಣ ಮತ್ತು ತರಬೇತಿ ಸಂಸ್ಥೆಯ ಉಪನಿರ್ದೇಶಕ ಮಲ್ಲಿಕಾರ್ಜುನ ಹೇಳಿದರು. ನಗರದಲ್ಲಿ ಪ್ರೌಢಶಾಲಾ ಗಣಿತ ಶಿಕ್ಷಕರಿಗೆ ಏರ್ಪಡಿಸಿದ್ದ ಕಾರ್ಯಾಗಾರ ಉದ್ಘಾಟಿಸಿ ಮಾತನಾಡಿದರು.
ಶಾಲೆಯ ವಿದ್ಯಾರ್ಥಿಗಳ ಗಣಿತದ ಸಾಮರ್ಥ್ಯ ಹೆಚ್ಚಿಸಲು ಈ ಕಾರ್ಯಾಗಾರ ಆಯೋಜಿಸಲಾಗಿದೆ. ಶಿಕ್ಷಕರು ಹೊಸ ತಂತ್ರಗಳನ್ನು ಅಳವಡಿಸಿಕೊಳ್ಳಬೇಕು ಎಂದರು. ಕಾರ್ಯಾಗಾರದಲ್ಲಿ 140 ಕ್ಕೂ ಹೆಚ್ಚು ಗಣಿತ ಶಿಕ್ಷಕರು ಭಾಗವಹಿಸಿದ್ದರು. ಸಂಪನ್ಮೂಲ ವ್ಯಕ್ತಿಗಳು ವಿವಿಧ ವಿಷಯಗಳ ಕುರಿತು ಉಪನ್ಯಾಸ ನೀಡಿದರು.
